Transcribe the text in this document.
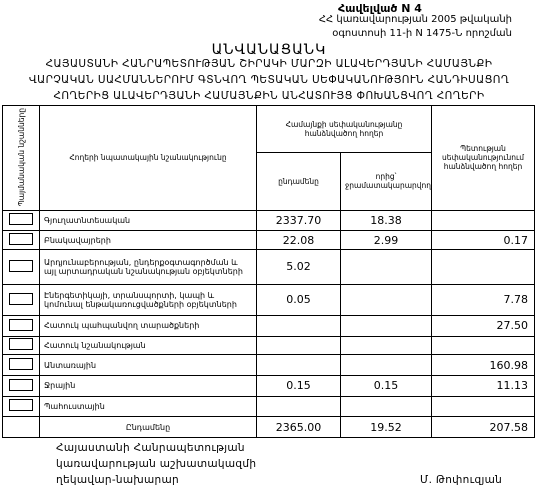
Հավելված N 4
ՀՀ կառավարության 2005 թվականի
օգոստոսի 11-ի N 1475-Ն որոշման
ԱՆՎԱՆԱՑԱՆԿ
ՀԱՅԱՍՏԱՆԻ ՀԱՆՐԱՊԵՏՈՒԹՅԱՆ ՇԻՐԱԿԻ ՄԱՐԶԻ ԱԼԱՎԵՐԴՅԱՆԻ ՀԱՄԱՅՆՔԻ
ՎԱՐՉԱԿԱՆ ՍԱՀՄԱՆՆԵՐՈՒՄ ԳՏՆՎՈՂ ՊԵՏԱԿԱՆ ՍԵՓԱԿԱՆՈՒԹՅՈՒՆ ՀԱՆԴԻՍԱՑՈՂ
ՀՈՂԵՐԻՑ ԱԼԱՎԵՐԴՅԱՆԻ ՀԱՄԱՅՆՔԻՆ ԱՆՀԱՏՈՒՅՑ ՓՈԽԱՆՑՎՈՂ ՀՈՂԵՐԻ
Պայմանական նշանները	Հողերի նպատակային նշանակությունը	Համայնքի սեփականությանը հանձնվածող հողեր		Պետության սեփականությունում հանձնվածող հողեր
		ընդամենը	որից՝ ջրամատակարարվող	
	Գյուղատնտեսական	2337.70	18.38	
	Բնակավայրերի	22.08	2.99	0.17
	Արդյունաբերության, ընդերքօգտագործման և այլ արտադրական նշանակության օբյեկտների	5.02		
	Էներգետիկայի, տրանսպորտի, կապի և կոմունալ ենթակառուցվածքների օբյեկտների	0.05		7.78
	Հատուկ պահպանվող տարածքների			27.50
	Հատուկ նշանակության			
	Անտառային			160.98
	Ջրային	0.15	0.15	11.13
	Պահուստային			
	Ընդամենը	2365.00	19.52	207.58
Հայաստանի Հանրապետության
կառավարության աշխատակազմի
ղեկավար-նախարար	Մ. Թոփուզյան
